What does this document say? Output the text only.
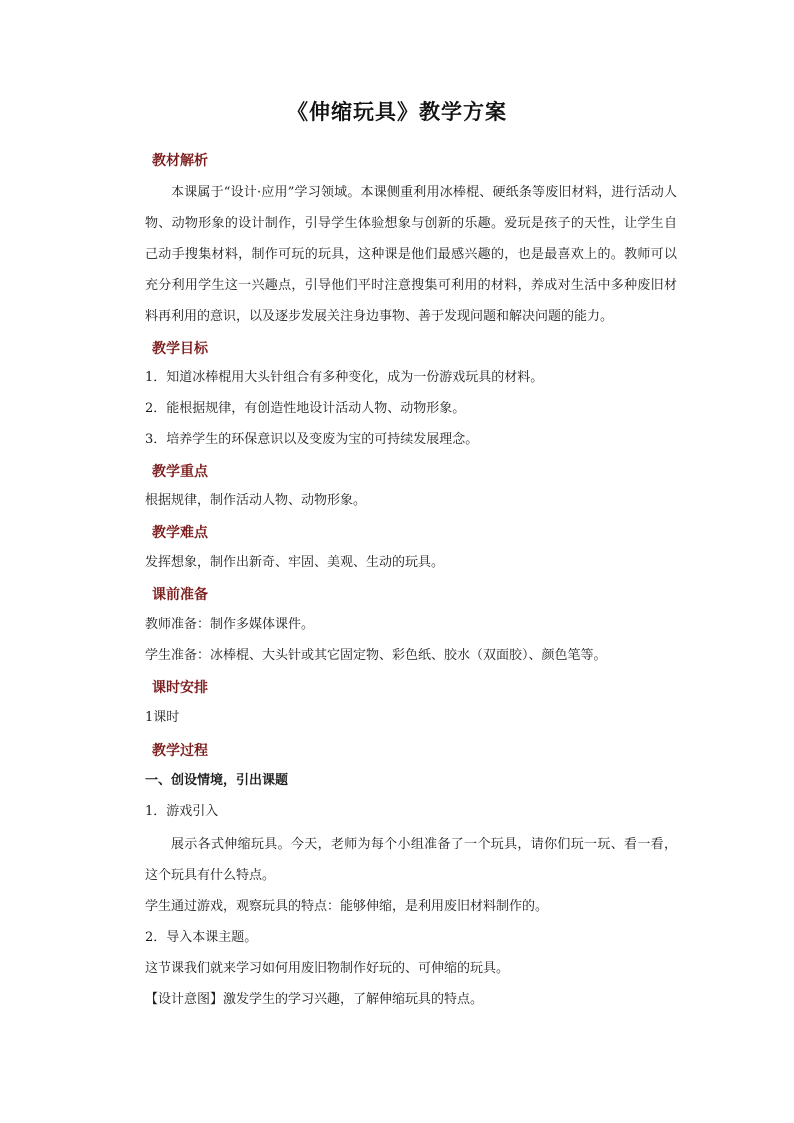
《伸缩玩具》教学方案
教材解析
本课属于“设计·应用”学习领域。本课侧重利用冰棒棍、硬纸条等废旧材料，进行活动人物、动物形象的设计制作，引导学生体验想象与创新的乐趣。爱玩是孩子的天性，让学生自己动手搜集材料，制作可玩的玩具，这种课是他们最感兴趣的，也是最喜欢上的。教师可以充分利用学生这一兴趣点，引导他们平时注意搜集可利用的材料，养成对生活中多种废旧材料再利用的意识，以及逐步发展关注身边事物、善于发现问题和解决问题的能力。
教学目标
1．知道冰棒棍用大头针组合有多种变化，成为一份游戏玩具的材料。
2．能根据规律，有创造性地设计活动人物、动物形象。
3．培养学生的环保意识以及变废为宝的可持续发展理念。
教学重点
根据规律，制作活动人物、动物形象。
教学难点
发挥想象，制作出新奇、牢固、美观、生动的玩具。
课前准备
教师准备：制作多媒体课件。
学生准备：冰棒棍、大头针或其它固定物、彩色纸、胶水（双面胶）、颜色笔等。
课时安排
1课时
教学过程
一、创设情境，引出课题
1．游戏引入
展示各式伸缩玩具。今天，老师为每个小组准备了一个玩具，请你们玩一玩、看一看，这个玩具有什么特点。
学生通过游戏，观察玩具的特点：能够伸缩，是利用废旧材料制作的。
2．导入本课主题。
这节课我们就来学习如何用废旧物制作好玩的、可伸缩的玩具。
【设计意图】激发学生的学习兴趣，了解伸缩玩具的特点。
